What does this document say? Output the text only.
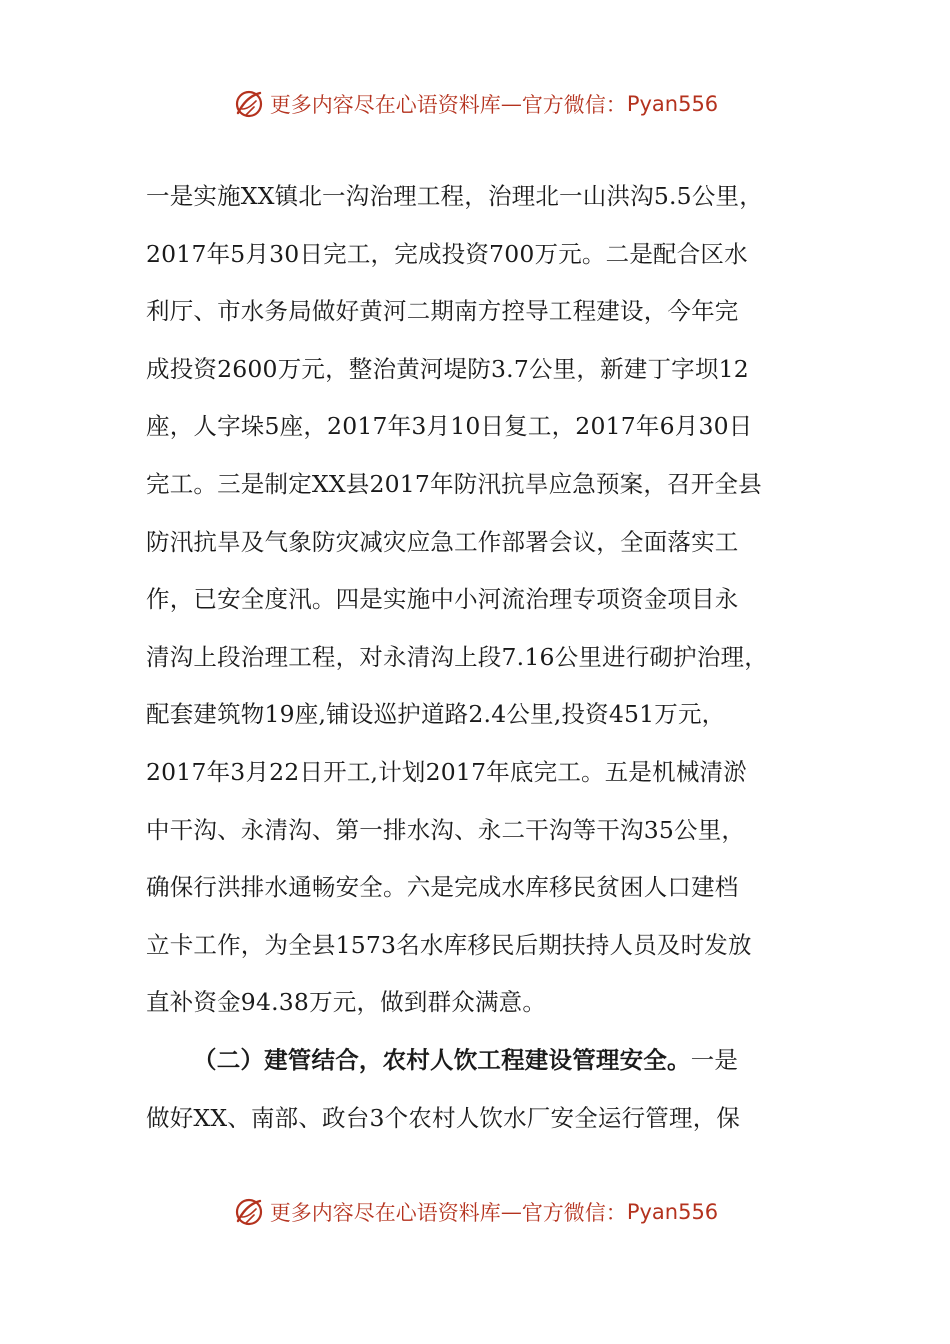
更多内容尽在心语资料库 — 官方微信： Pyan556
一是实施XX镇北一沟治理工程，治理北一山洪沟5.5公里，
2017年5月30日完工，完成投资700万元。二是配合区水
利厅、市水务局做好黄河二期南方控导工程建设，今年完
成投资2600万元，整治黄河堤防3.7公里，新建丁字坝12
座，人字垛5座，2017年3月10日复工，2017年6月30日
完工。三是制定XX县2017年防汛抗旱应急预案，召开全县
防汛抗旱及气象防灾减灾应急工作部署会议，全面落实工
作，已安全度汛。四是实施中小河流治理专项资金项目永
清沟上段治理工程，对永清沟上段7.16公里进行砌护治理，
配套建筑物19座,铺设巡护道路2.4公里,投资451万元，
2017年3月22日开工,计划2017年底完工。五是机械清淤
中干沟、永清沟、第一排水沟、永二干沟等干沟35公里，
确保行洪排水通畅安全。六是完成水库移民贫困人口建档
立卡工作，为全县1573名水库移民后期扶持人员及时发放
直补资金94.38万元，做到群众满意。
（二）建管结合，农村人饮工程建设管理安全。一是
做好XX、南部、政台3个农村人饮水厂安全运行管理，保
更多内容尽在心语资料库 — 官方微信： Pyan556
